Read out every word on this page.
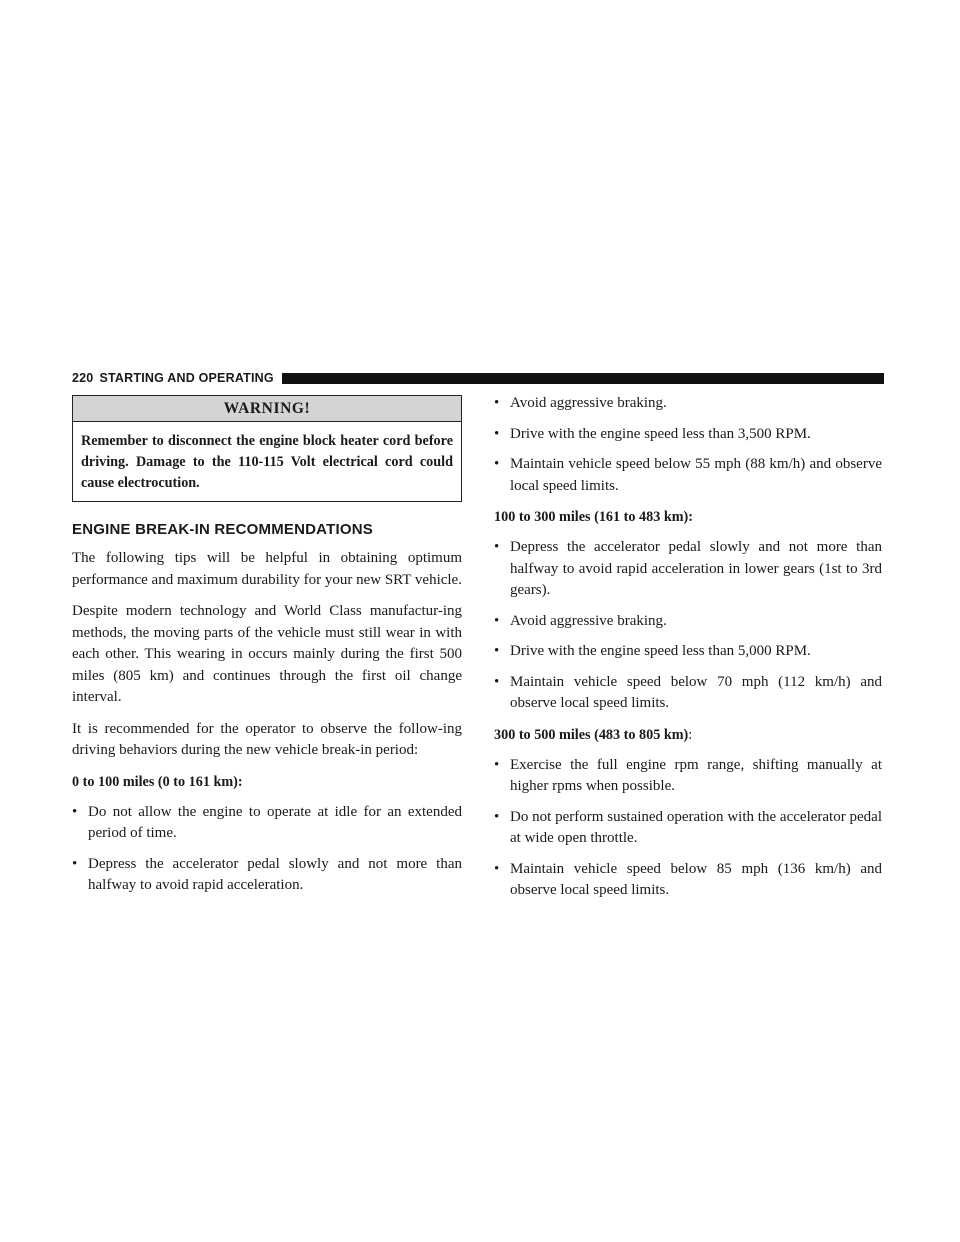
220 STARTING AND OPERATING
WARNING!
Remember to disconnect the engine block heater cord before driving. Damage to the 110-115 Volt electrical cord could cause electrocution.
ENGINE BREAK-IN RECOMMENDATIONS

The following tips will be helpful in obtaining optimum performance and maximum durability for your new SRT vehicle.

Despite modern technology and World Class manufactur-ing methods, the moving parts of the vehicle must still wear in with each other. This wearing in occurs mainly during the first 500 miles (805 km) and continues through the first oil change interval.

It is recommended for the operator to observe the follow-ing driving behaviors during the new vehicle break-in period:

0 to 100 miles (0 to 161 km):
• Do not allow the engine to operate at idle for an extended period of time.
• Depress the accelerator pedal slowly and not more than halfway to avoid rapid acceleration.
• Avoid aggressive braking.
• Drive with the engine speed less than 3,500 RPM.
• Maintain vehicle speed below 55 mph (88 km/h) and observe local speed limits.
100 to 300 miles (161 to 483 km):
• Depress the accelerator pedal slowly and not more than halfway to avoid rapid acceleration in lower gears (1st to 3rd gears).
• Avoid aggressive braking.
• Drive with the engine speed less than 5,000 RPM.
• Maintain vehicle speed below 70 mph (112 km/h) and observe local speed limits.
300 to 500 miles (483 to 805 km):
• Exercise the full engine rpm range, shifting manually at higher rpms when possible.
• Do not perform sustained operation with the accelerator pedal at wide open throttle.
• Maintain vehicle speed below 85 mph (136 km/h) and observe local speed limits.
